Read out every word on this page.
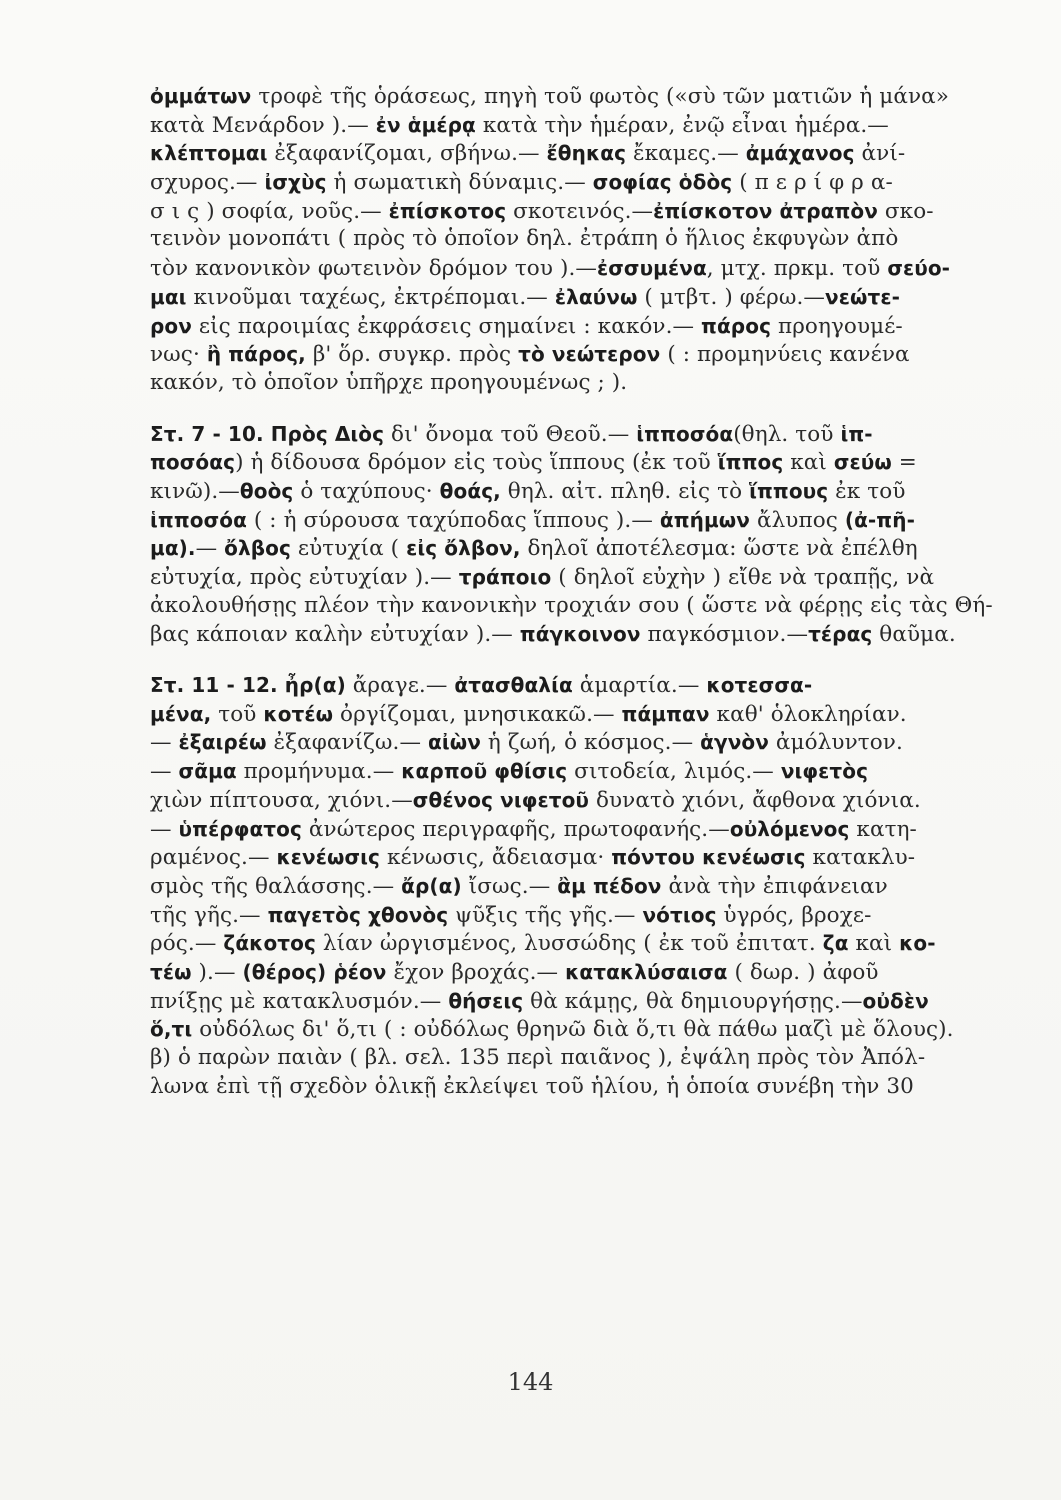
ὀμμάτων τροφὲ τῆς ὁράσεως, πηγὴ τοῦ φωτὸς («σὺ τῶν ματιῶν ἡ μάνα»
κατὰ Μενάρδον ).— ἐν ἁμέρᾳ κατὰ τὴν ἡμέραν, ἐνῷ εἶναι ἡμέρα.—
κλέπτομαι ἐξαφανίζομαι, σβήνω.— ἔθηκας ἔκαμες.— ἀμάχανος ἀνί-
σχυρος.— ἰσχὺς ἡ σωματικὴ δύναμις.— σοφίας ὁδὸς ( π ε ρ ί φ ρ α-
σ ι ς ) σοφία, νοῦς.— ἐπίσκοτος σκοτεινός.—ἐπίσκοτον ἀτραπὸν σκο-
τεινὸν μονοπάτι ( πρὸς τὸ ὁποῖον δηλ. ἐτράπη ὁ ἥλιος ἐκφυγὼν ἀπὸ
τὸν κανονικὸν φωτεινὸν δρόμον του ).—ἐσσυμένα, μτχ. πρκμ. τοῦ σεύο-
μαι κινοῦμαι ταχέως, ἐκτρέπομαι.— ἐλαύνω ( μτβτ. ) φέρω.—νεώτε-
ρον εἰς παροιμίας ἐκφράσεις σημαίνει : κακόν.— πάρος προηγουμέ-
νως· ἢ πάρος, β' ὅρ. συγκρ. πρὸς τὸ νεώτερον ( : προμηνύεις κανένα
κακόν, τὸ ὁποῖον ὑπῆρχε προηγουμένως ; ).
Στ. 7 - 10. Πρὸς Διὸς δι' ὄνομα τοῦ Θεοῦ.— ἱπποσόα(θηλ. τοῦ ἱπ-
ποσόας) ἡ δίδουσα δρόμον εἰς τοὺς ἵππους (ἐκ τοῦ ἵππος καὶ σεύω =
κινῶ).—θοὸς ὁ ταχύπους· θοάς, θηλ. αἰτ. πληθ. εἰς τὸ ἵππους ἐκ τοῦ
ἱπποσόα ( : ἡ σύρουσα ταχύποδας ἵππους ).— ἀπήμων ἄλυπος (ἀ-πῆ-
μα).— ὄλβος εὐτυχία ( εἰς ὄλβον, δηλοῖ ἀποτέλεσμα: ὥστε νὰ ἐπέλθη
εὐτυχία, πρὸς εὐτυχίαν ).— τράποιο ( δηλοῖ εὐχὴν ) εἴθε νὰ τραπῇς, νὰ
ἀκολουθήσῃς πλέον τὴν κανονικὴν τροχιάν σου ( ὥστε νὰ φέρῃς εἰς τὰς Θή-
βας κάποιαν καλὴν εὐτυχίαν ).— πάγκοινον παγκόσμιον.—τέρας θαῦμα.
Στ. 11 - 12. ἦρ(α) ἄραγε.— ἀτασθαλία ἁμαρτία.— κοτεσσα-
μένα, τοῦ κοτέω ὀργίζομαι, μνησικακῶ.— πάμπαν καθ' ὁλοκληρίαν.
— ἐξαιρέω ἐξαφανίζω.— αἰὼν ἡ ζωή, ὁ κόσμος.— ἁγνὸν ἀμόλυντον.
— σᾶμα προμήνυμα.— καρποῦ φθίσις σιτοδεία, λιμός.— νιφετὸς
χιὼν πίπτουσα, χιόνι.—σθένος νιφετοῦ δυνατὸ χιόνι, ἄφθονα χιόνια.
— ὑπέρφατος ἀνώτερος περιγραφῆς, πρωτοφανής.—οὐλόμενος κατη-
ραμένος.— κενέωσις κένωσις, ἄδειασμα· πόντου κενέωσις κατακλυ-
σμὸς τῆς θαλάσσης.— ἄρ(α) ἴσως.— ἂμ πέδον ἀνὰ τὴν ἐπιφάνειαν
τῆς γῆς.— παγετὸς χθονὸς ψῦξις τῆς γῆς.— νότιος ὑγρός, βροχε-
ρός.— ζάκοτος λίαν ὠργισμένος, λυσσώδης ( ἐκ τοῦ ἐπιτατ. ζα καὶ κο-
τέω ).— (θέρος) ῥέον ἔχον βροχάς.— κατακλύσαισα ( δωρ. ) ἀφοῦ
πνίξῃς μὲ κατακλυσμόν.— θήσεις θὰ κάμῃς, θὰ δημιουργήσῃς.—οὐδὲν
ὅ,τι οὐδόλως δι' ὅ,τι ( : οὐδόλως θρηνῶ διὰ ὅ,τι θὰ πάθω μαζὶ μὲ ὅλους).
β) ὁ παρὼν παιὰν ( βλ. σελ. 135 περὶ παιᾶνος ), ἐψάλη πρὸς τὸν Ἀπόλ-
λωνα ἐπὶ τῇ σχεδὸν ὁλικῇ ἐκλείψει τοῦ ἡλίου, ἡ ὁποία συνέβη τὴν 30
144
